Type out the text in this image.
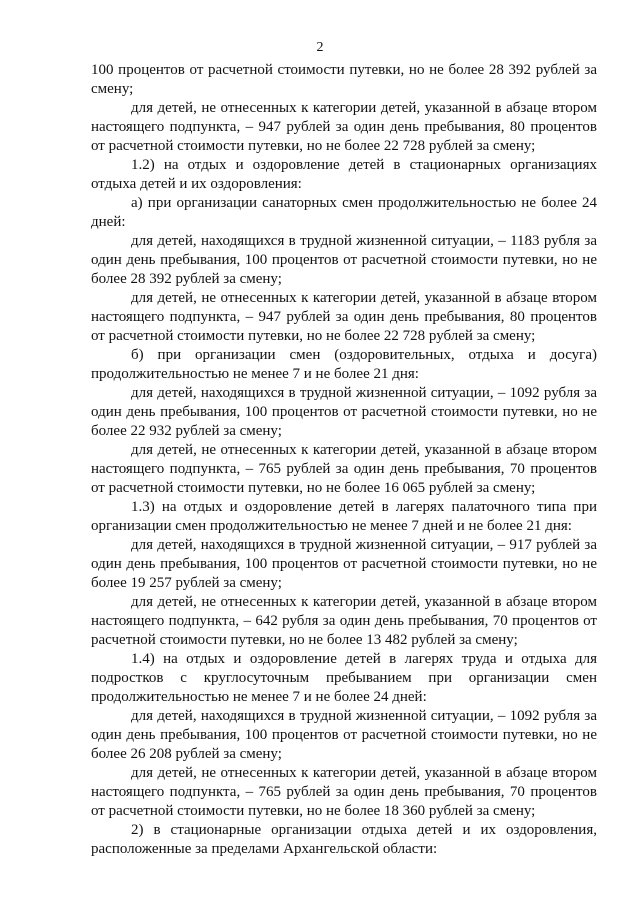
2

100 процентов от расчетной стоимости путевки, но не более 28 392 рублей за смену;

для детей, не отнесенных к категории детей, указанной в абзаце втором настоящего подпункта, – 947 рублей за один день пребывания, 80 процентов от расчетной стоимости путевки, но не более 22 728 рублей за смену;

1.2) на отдых и оздоровление детей в стационарных организациях отдыха детей и их оздоровления:

а) при организации санаторных смен продолжительностью не более 24 дней:

для детей, находящихся в трудной жизненной ситуации, – 1183 рубля за один день пребывания, 100 процентов от расчетной стоимости путевки, но не более 28 392 рублей за смену;

для детей, не отнесенных к категории детей, указанной в абзаце втором настоящего подпункта, – 947 рублей за один день пребывания, 80 процентов от расчетной стоимости путевки, но не более 22 728 рублей за смену;

б) при организации смен (оздоровительных, отдыха и досуга) продолжительностью не менее 7 и не более 21 дня:

для детей, находящихся в трудной жизненной ситуации, – 1092 рубля за один день пребывания, 100 процентов от расчетной стоимости путевки, но не более 22 932 рублей за смену;

для детей, не отнесенных к категории детей, указанной в абзаце втором настоящего подпункта, – 765 рублей за один день пребывания, 70 процентов от расчетной стоимости путевки, но не более 16 065 рублей за смену;

1.3) на отдых и оздоровление детей в лагерях палаточного типа при организации смен продолжительностью не менее 7 дней и не более 21 дня:

для детей, находящихся в трудной жизненной ситуации, – 917 рублей за один день пребывания, 100 процентов от расчетной стоимости путевки, но не более 19 257 рублей за смену;

для детей, не отнесенных к категории детей, указанной в абзаце втором настоящего подпункта, – 642 рубля за один день пребывания, 70 процентов от расчетной стоимости путевки, но не более 13 482 рублей за смену;

1.4) на отдых и оздоровление детей в лагерях труда и отдыха для подростков с круглосуточным пребыванием при организации смен продолжительностью не менее 7 и не более 24 дней:

для детей, находящихся в трудной жизненной ситуации, – 1092 рубля за один день пребывания, 100 процентов от расчетной стоимости путевки, но не более 26 208 рублей за смену;

для детей, не отнесенных к категории детей, указанной в абзаце втором настоящего подпункта, – 765 рублей за один день пребывания, 70 процентов от расчетной стоимости путевки, но не более 18 360 рублей за смену;

2) в стационарные организации отдыха детей и их оздоровления, расположенные за пределами Архангельской области:
